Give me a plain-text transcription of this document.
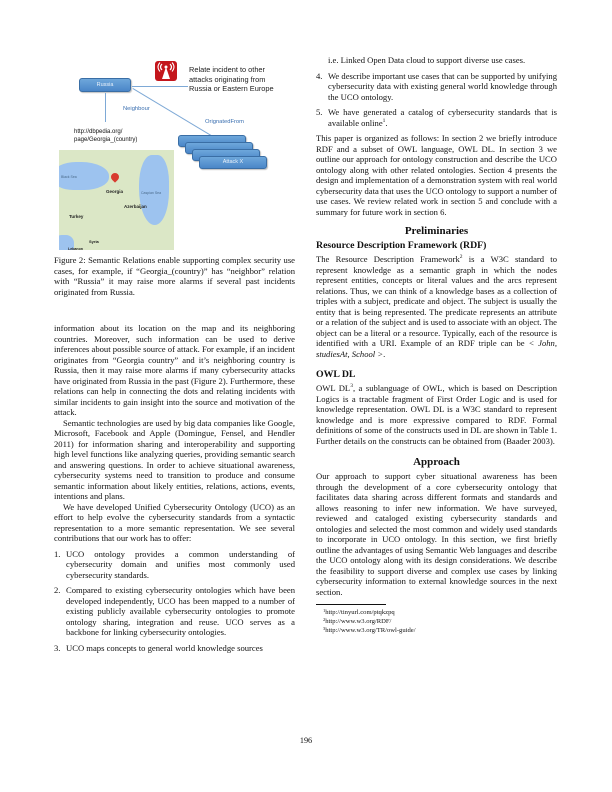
Russia
Relate incident to other
attacks originating from
Russia or Eastern Europe
Neighbour
OrignatedFrom
http://dbpedia.org/
page/Georgia_(country)
Attack X
Black Sea
Caspian Sea
Georgia
Azerbaijan
Turkey
Syria
Lebanon

Figure 2: Semantic Relations enable supporting complex security use cases, for example, if “Georgia_(country)” has “neighbor” relation with “Russia” it may raise more alarms if several past incidents originated from Russia.

information about its location on the map and its neighboring countries. Moreover, such information can be used to derive inferences about possible source of attack. For example, if an incident originates from “Georgia country” and it’s neighboring country is Russia, then it may raise more alarms if many cybersecurity attacks have originated from Russia in the past (Figure 2). Furthermore, these relations can help in connecting the dots and relating incidents with similar incidents to gain insight into the source and motivation of the attack.

Semantic technologies are used by big data companies like Google, Microsoft, Facebook and Apple (Domingue, Fensel, and Hendler 2011) for information sharing and interoperability and supporting high level functions like analyzing queries, providing semantic search and answering questions. In order to achieve situational awareness, cybersecurity systems need to transition to produce and consume semantic information about likely entities, relations, actions, events, intentions and plans.

We have developed Unified Cybersecurity Ontology (UCO) as an effort to help evolve the cybersecurity standards from a syntactic representation to a more semantic representation. We see several contributions that our work has to offer:

1. UCO ontology provides a common understanding of cybersecurity domain and unifies most commonly used cybersecurity standards.
2. Compared to existing cybersecurity ontologies which have been developed independently, UCO has been mapped to a number of existing publicly available cybersecurity ontologies to promote ontology sharing, integration and reuse. UCO serves as a backbone for linking cybersecurity ontologies.
3. UCO maps concepts to general world knowledge sources

i.e. Linked Open Data cloud to support diverse use cases.

4. We describe important use cases that can be supported by unifying cybersecurity data with existing general world knowledge through the UCO ontology.
5. We have generated a catalog of cybersecurity standards that is available online$^1$.

This paper is organized as follows: In section 2 we briefly introduce RDF and a subset of OWL language, OWL DL. In section 3 we outline our approach for ontology construction and describe the UCO ontology along with other related ontologies. Section 4 presents the design and implementation of a demonstration system with real world cybersecurity data that uses the UCO ontology to support a number of use cases. We review related work in section 5 and conclude with a summary for future work in section 6.

Preliminaries
Resource Description Framework (RDF)

The Resource Description Framework$^2$ is a W3C standard to represent knowledge as a semantic graph in which the nodes represent entities, concepts or literal values and the arcs represent relations. Thus, we can think of a knowledge bases as a collection of triples with a subject, predicate and object. The subject is usually the entity that is being represented. The predicate represents an attribute or a relation of the subject and is used to associate with an object. The object can be a literal or a resource. Typically, each of the resource is identified with a URI. Example of an RDF triple can be < John, studiesAt, School >.

OWL DL

OWL $DL^3$, a sublanguage of OWL, which is based on Description Logics is a tractable fragment of First Order Logic and is used for knowledge representation. OWL DL is a W3C standard to represent knowledge and is more expressive compared to RDF. Formal definitions of some of the constructs used in DL are shown in Table 1. Further details on the constructs can be obtained from (Baader 2003).

Approach

Our approach to support cyber situational awareness has been through the development of a core cybersecurity ontology that facilitates data sharing across different formats and standards and allows reasoning to infer new information. We have surveyed, reviewed and cataloged existing cybersecurity standards and ontologies and selected the most common and widely used standards to incorporate in UCO ontology. In this section, we first briefly outline the advantages of using Semantic Web languages and describe the UCO ontology along with its design considerations. We describe the feasibility to support diverse and complex use cases by linking cybersecurity information to external knowledge sources in the next section.

$^1$http://tinyurl.com/ptqkzpq
$^2$http://www.w3.org/RDF/
$^3$http://www.w3.org/TR/owl-guide/
196
